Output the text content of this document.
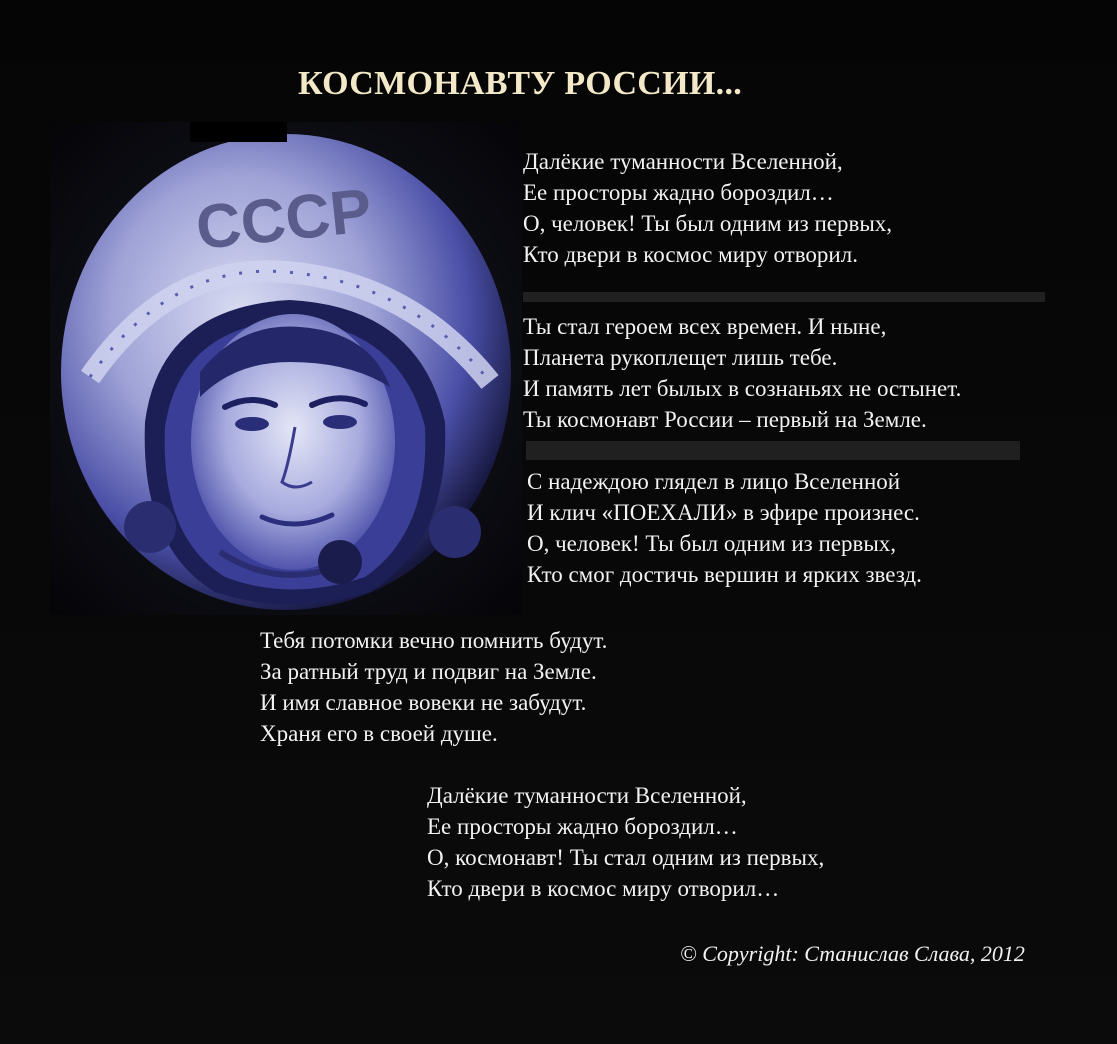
КОСМОНАВТУ РОССИИ...
СССР
Далёкие туманности Вселенной,
Ее просторы жадно бороздил…
О, человек! Ты был одним из первых,
Кто двери в космос миру отворил.
Ты стал героем всех времен. И ныне,
Планета рукоплещет лишь тебе.
И память лет былых в сознаньях не остынет.
Ты космонавт России – первый на Земле.
С надеждою глядел в лицо Вселенной
И клич «ПОЕХАЛИ» в эфире произнес.
О, человек! Ты был одним из первых,
Кто смог достичь вершин и ярких звезд.
Тебя потомки вечно помнить будут.
За ратный труд и подвиг на Земле.
И имя славное вовеки не забудут.
Храня его в своей душе.
Далёкие туманности Вселенной,
Ее просторы жадно бороздил…
О, космонавт! Ты стал одним из первых,
Кто двери в космос миру отворил…
© Copyright: Станислав Слава, 2012
